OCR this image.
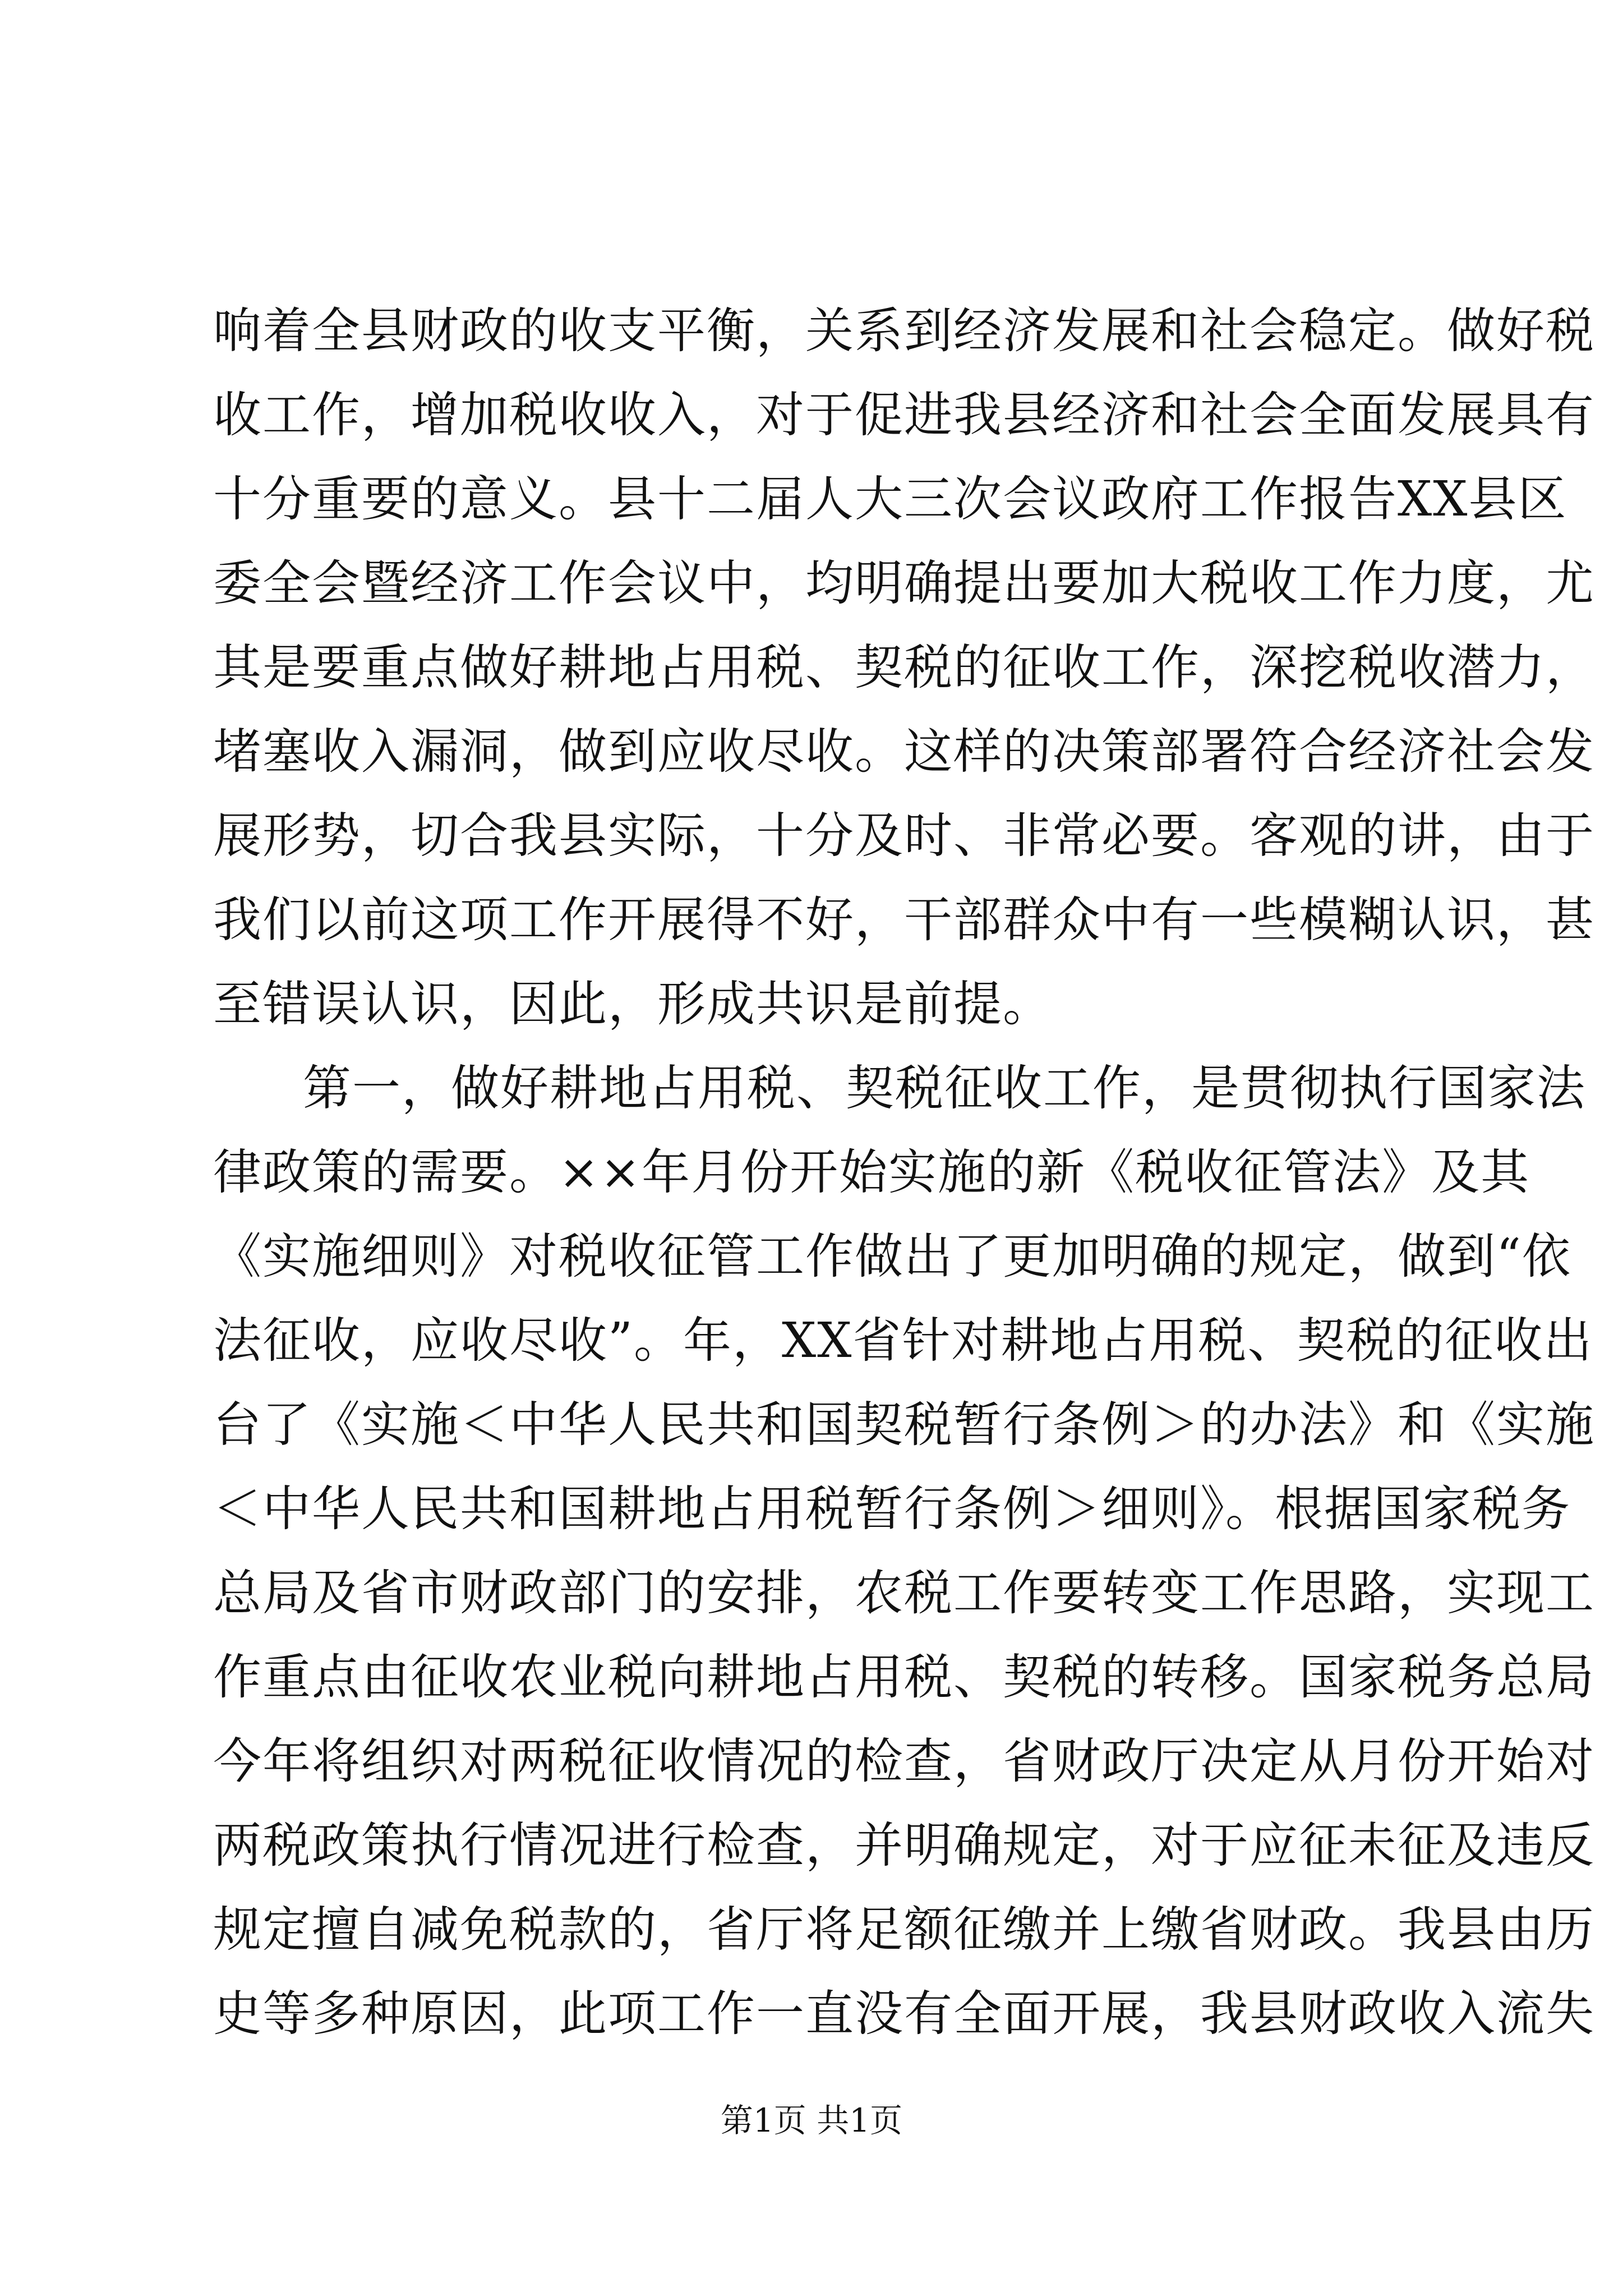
响着全县财政的收支平衡，关系到经济发展和社会稳定。做好税
收工作，增加税收收入，对于促进我县经济和社会全面发展具有
十分重要的意义。县十二届人大三次会议政府工作报告XX县区
委全会暨经济工作会议中，均明确提出要加大税收工作力度，尤
其是要重点做好耕地占用税、契税的征收工作，深挖税收潜力，
堵塞收入漏洞，做到应收尽收。这样的决策部署符合经济社会发
展形势，切合我县实际，十分及时、非常必要。客观的讲，由于
我们以前这项工作开展得不好，干部群众中有一些模糊认识，甚
至错误认识，因此，形成共识是前提。
第一，做好耕地占用税、契税征收工作，是贯彻执行国家法
律政策的需要。××年月份开始实施的新《税收征管法》及其
《实施细则》对税收征管工作做出了更加明确的规定，做到“依
法征收，应收尽收”。年，XX省针对耕地占用税、契税的征收出
台了《实施＜中华人民共和国契税暂行条例＞的办法》和《实施
＜中华人民共和国耕地占用税暂行条例＞细则》。根据国家税务
总局及省市财政部门的安排，农税工作要转变工作思路，实现工
作重点由征收农业税向耕地占用税、契税的转移。国家税务总局
今年将组织对两税征收情况的检查，省财政厅决定从月份开始对
两税政策执行情况进行检查，并明确规定，对于应征未征及违反
规定擅自减免税款的，省厅将足额征缴并上缴省财政。我县由历
史等多种原因，此项工作一直没有全面开展，我县财政收入流失
第1页 共1页
